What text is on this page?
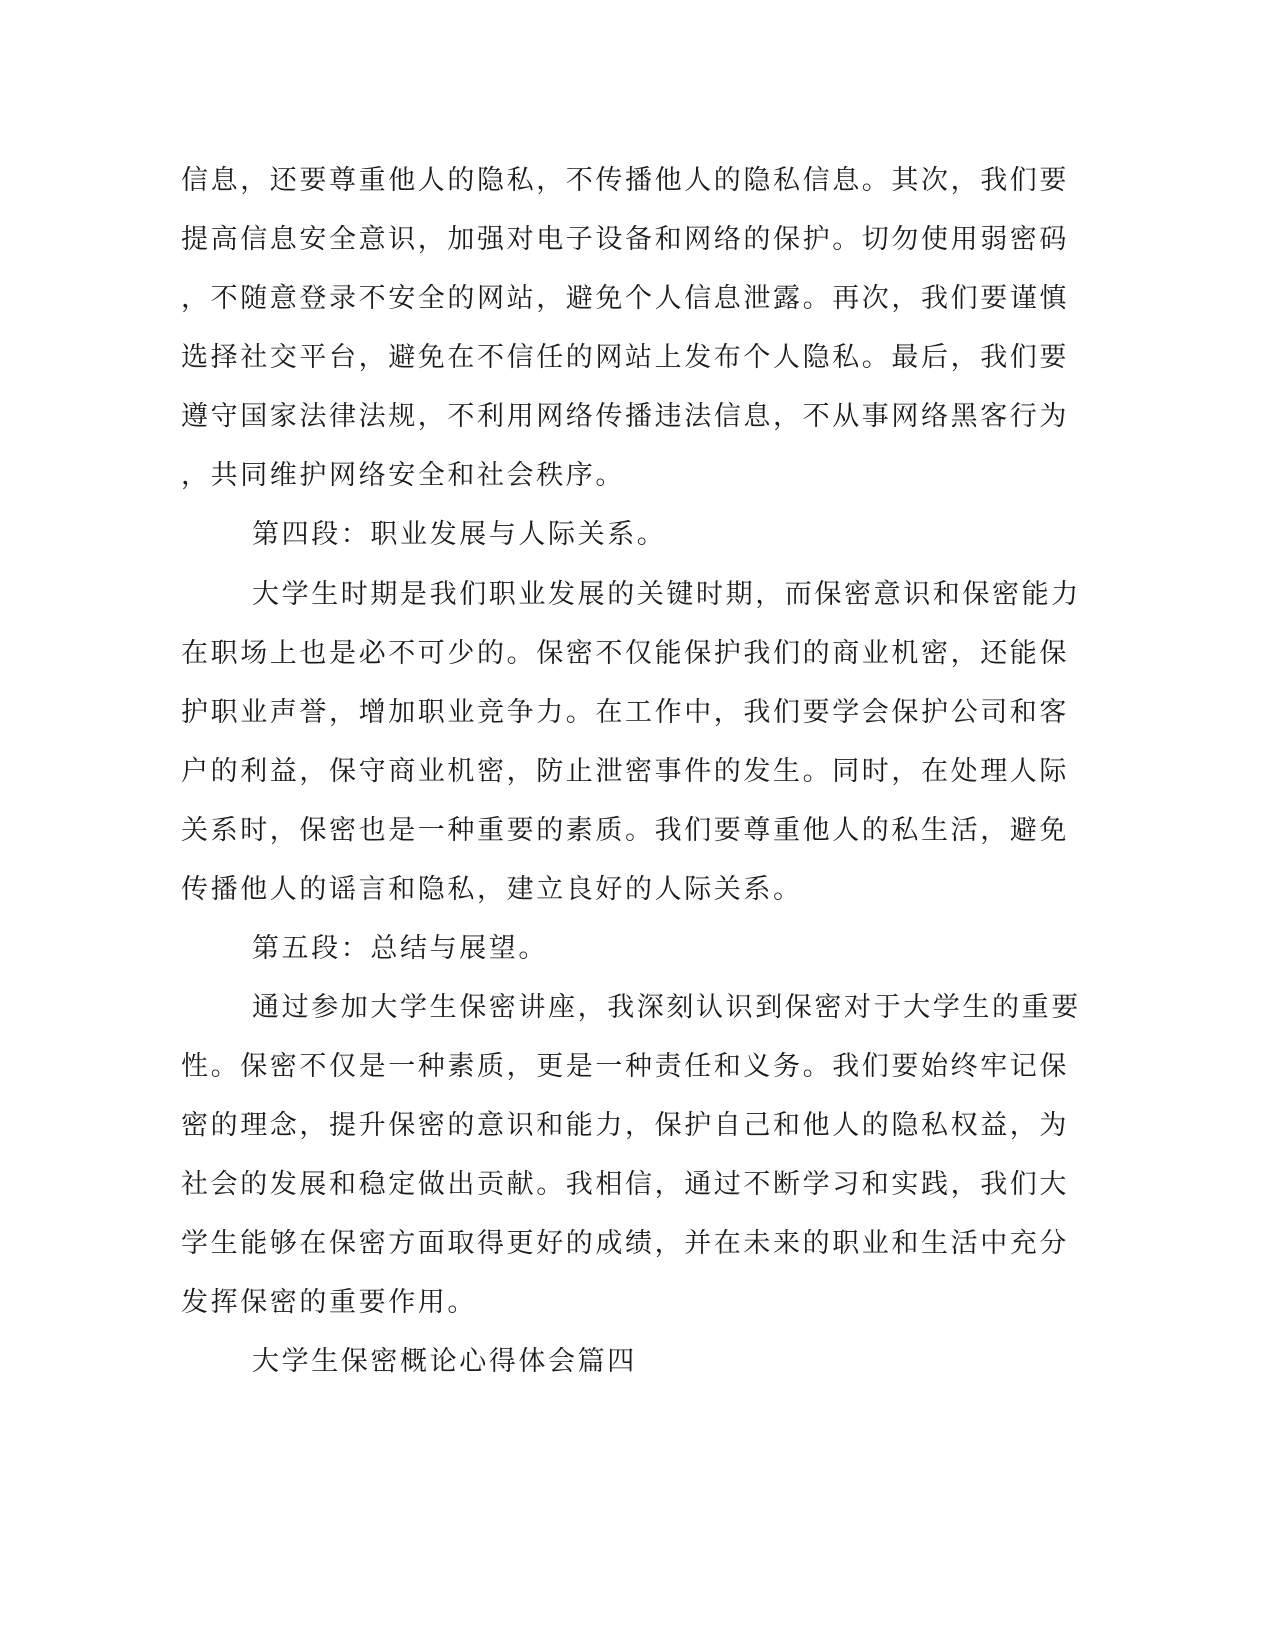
信息，还要尊重他人的隐私，不传播他人的隐私信息。其次，我们要
提高信息安全意识，加强对电子设备和网络的保护。切勿使用弱密码
，不随意登录不安全的网站，避免个人信息泄露。再次，我们要谨慎
选择社交平台，避免在不信任的网站上发布个人隐私。最后，我们要
遵守国家法律法规，不利用网络传播违法信息，不从事网络黑客行为
，共同维护网络安全和社会秩序。
第四段：职业发展与人际关系。
大学生时期是我们职业发展的关键时期，而保密意识和保密能力
在职场上也是必不可少的。保密不仅能保护我们的商业机密，还能保
护职业声誉，增加职业竞争力。在工作中，我们要学会保护公司和客
户的利益，保守商业机密，防止泄密事件的发生。同时，在处理人际
关系时，保密也是一种重要的素质。我们要尊重他人的私生活，避免
传播他人的谣言和隐私，建立良好的人际关系。
第五段：总结与展望。
通过参加大学生保密讲座，我深刻认识到保密对于大学生的重要
性。保密不仅是一种素质，更是一种责任和义务。我们要始终牢记保
密的理念，提升保密的意识和能力，保护自己和他人的隐私权益，为
社会的发展和稳定做出贡献。我相信，通过不断学习和实践，我们大
学生能够在保密方面取得更好的成绩，并在未来的职业和生活中充分
发挥保密的重要作用。
大学生保密概论心得体会篇四
